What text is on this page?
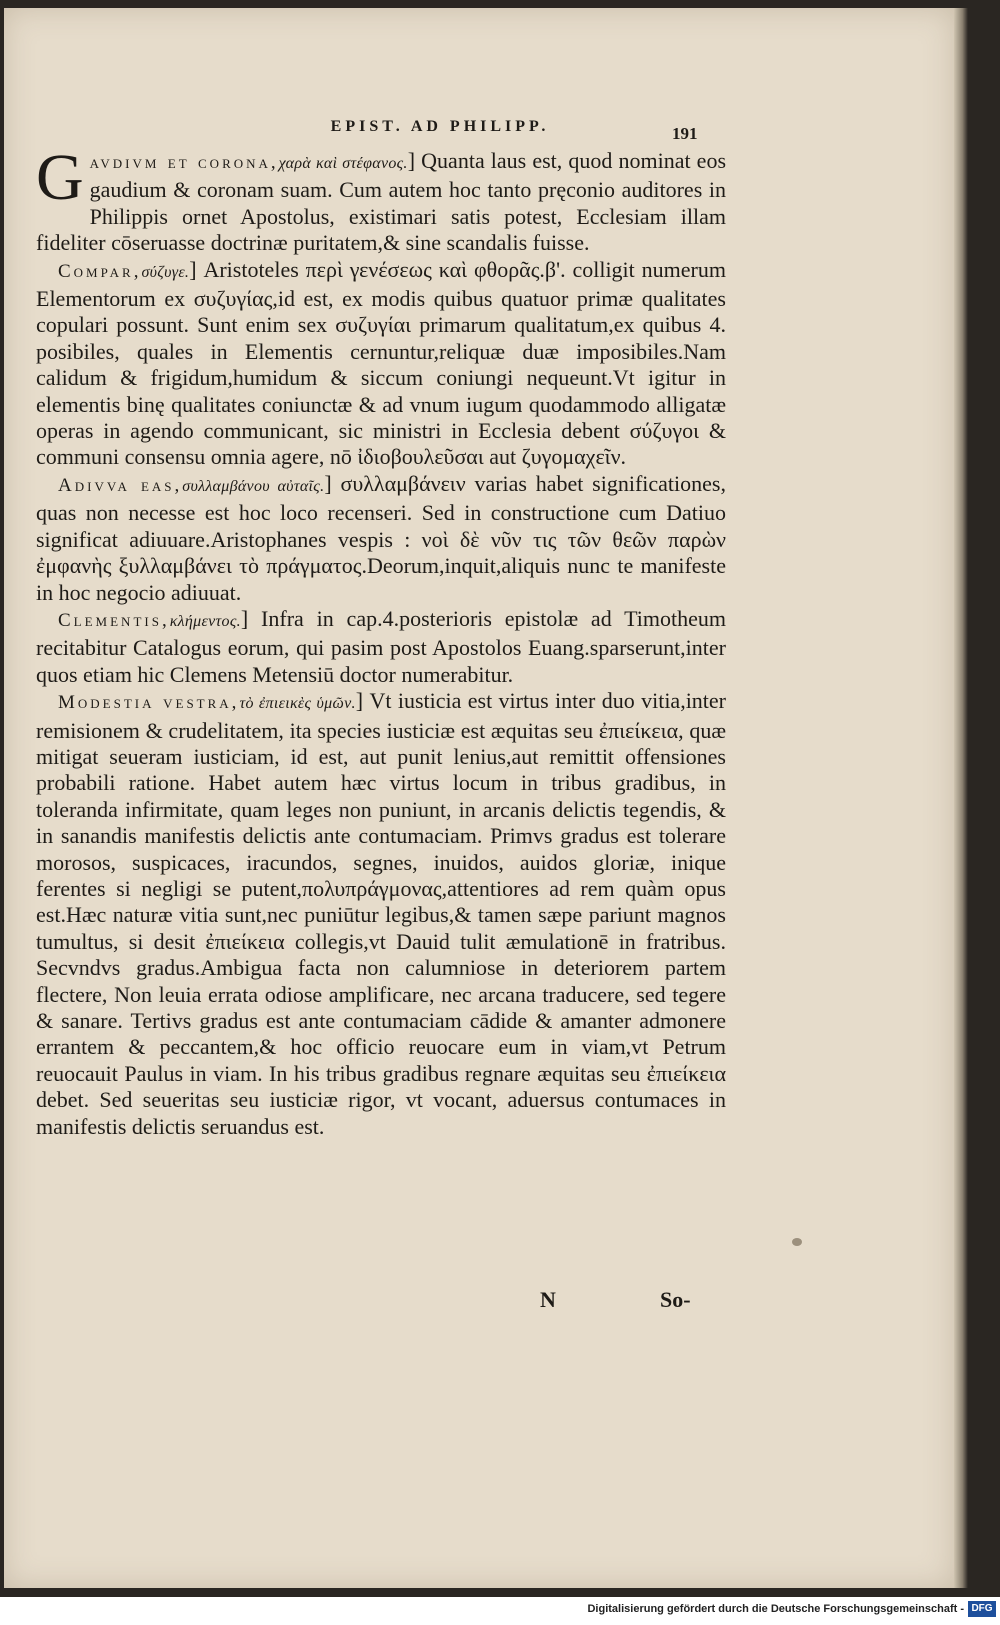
EPIST. AD PHILIPP.	191

Gavdivm et corona,χαρὰ καὶ στέφανος.] Quanta laus est, quod nominat eos gaudium & coronam suam. Cum autem hoc tanto pręconio auditores in Philippis ornet Apostolus, existimari satis potest, Ecclesiam illam fideliter cōseruasse doctrinæ puritatem,& sine scandalis fuisse.

Compar,σύζυγε.] Aristoteles περὶ γενέσεως καὶ φθορᾶς.β'. colligit numerum Elementorum ex συζυγίας,id est, ex modis quibus quatuor primæ qualitates copulari possunt. Sunt enim sex συζυγίαι primarum qualitatum,ex quibus 4. posibiles, quales in Elementis cernuntur,reliquæ duæ imposibiles.Nam calidum & frigidum,humidum & siccum coniungi nequeunt.Vt igitur in elementis binę qualitates coniunctæ & ad vnum iugum quodammodo alligatæ operas in agendo communicant, sic ministri in Ecclesia debent σύζυγοι & communi consensu omnia agere, nō ἰδιοβουλεῦσαι aut ζυγομαχεῖν.

Adivva eas,συλλαμβάνου αὐταῖς.] συλλαμβάνειν varias habet significationes, quas non necesse est hoc loco recenseri. Sed in constructione cum Datiuo significat adiuuare.Aristophanes vespis : νοὶ δὲ νῦν τις τῶν θεῶν παρὼν ἐμφανὴς ξυλλαμβάνει τὸ πράγματος.Deorum,inquit,aliquis nunc te manifeste in hoc negocio adiuuat.

Clementis,κλήμεντος.] Infra in cap.4.posterioris epistolæ ad Timotheum recitabitur Catalogus eorum, qui pasim post Apostolos Euang.sparserunt,inter quos etiam hic Clemens Metensiū doctor numerabitur.

Modestia vestra,τὸ ἐπιεικὲς ὑμῶν.] Vt iusticia est virtus inter duo vitia,inter remisionem & crudelitatem, ita species iusticiæ est æquitas seu ἐπιείκεια, quæ mitigat seueram iusticiam, id est, aut punit lenius,aut remittit offensiones probabili ratione. Habet autem hæc virtus locum in tribus gradibus, in toleranda infirmitate, quam leges non puniunt, in arcanis delictis tegendis, & in sanandis manifestis delictis ante contumaciam. Primvs gradus est tolerare morosos, suspicaces, iracundos, segnes, inuidos, auidos gloriæ, inique ferentes si negligi se putent,πολυπράγμονας,attentiores ad rem quàm opus est.Hæc naturæ vitia sunt,nec puniūtur legibus,& tamen sæpe pariunt magnos tumultus, si desit ἐπιείκεια collegis,vt Dauid tulit æmulationē in fratribus. Secvndvs gradus.Ambigua facta non calumniose in deteriorem partem flectere, Non leuia errata odiose amplificare, nec arcana traducere, sed tegere & sanare. Tertivs gradus est ante contumaciam cādide & amanter admonere errantem & peccantem,& hoc officio reuocare eum in viam,vt Petrum reuocauit Paulus in viam. In his tribus gradibus regnare æquitas seu ἐπιείκεια debet. Sed seueritas seu iusticiæ rigor, vt vocant, aduersus contumaces in manifestis delictis seruandus est.

N	So-
Digitalisierung gefördert durch die Deutsche Forschungsgemeinschaft - DFG
